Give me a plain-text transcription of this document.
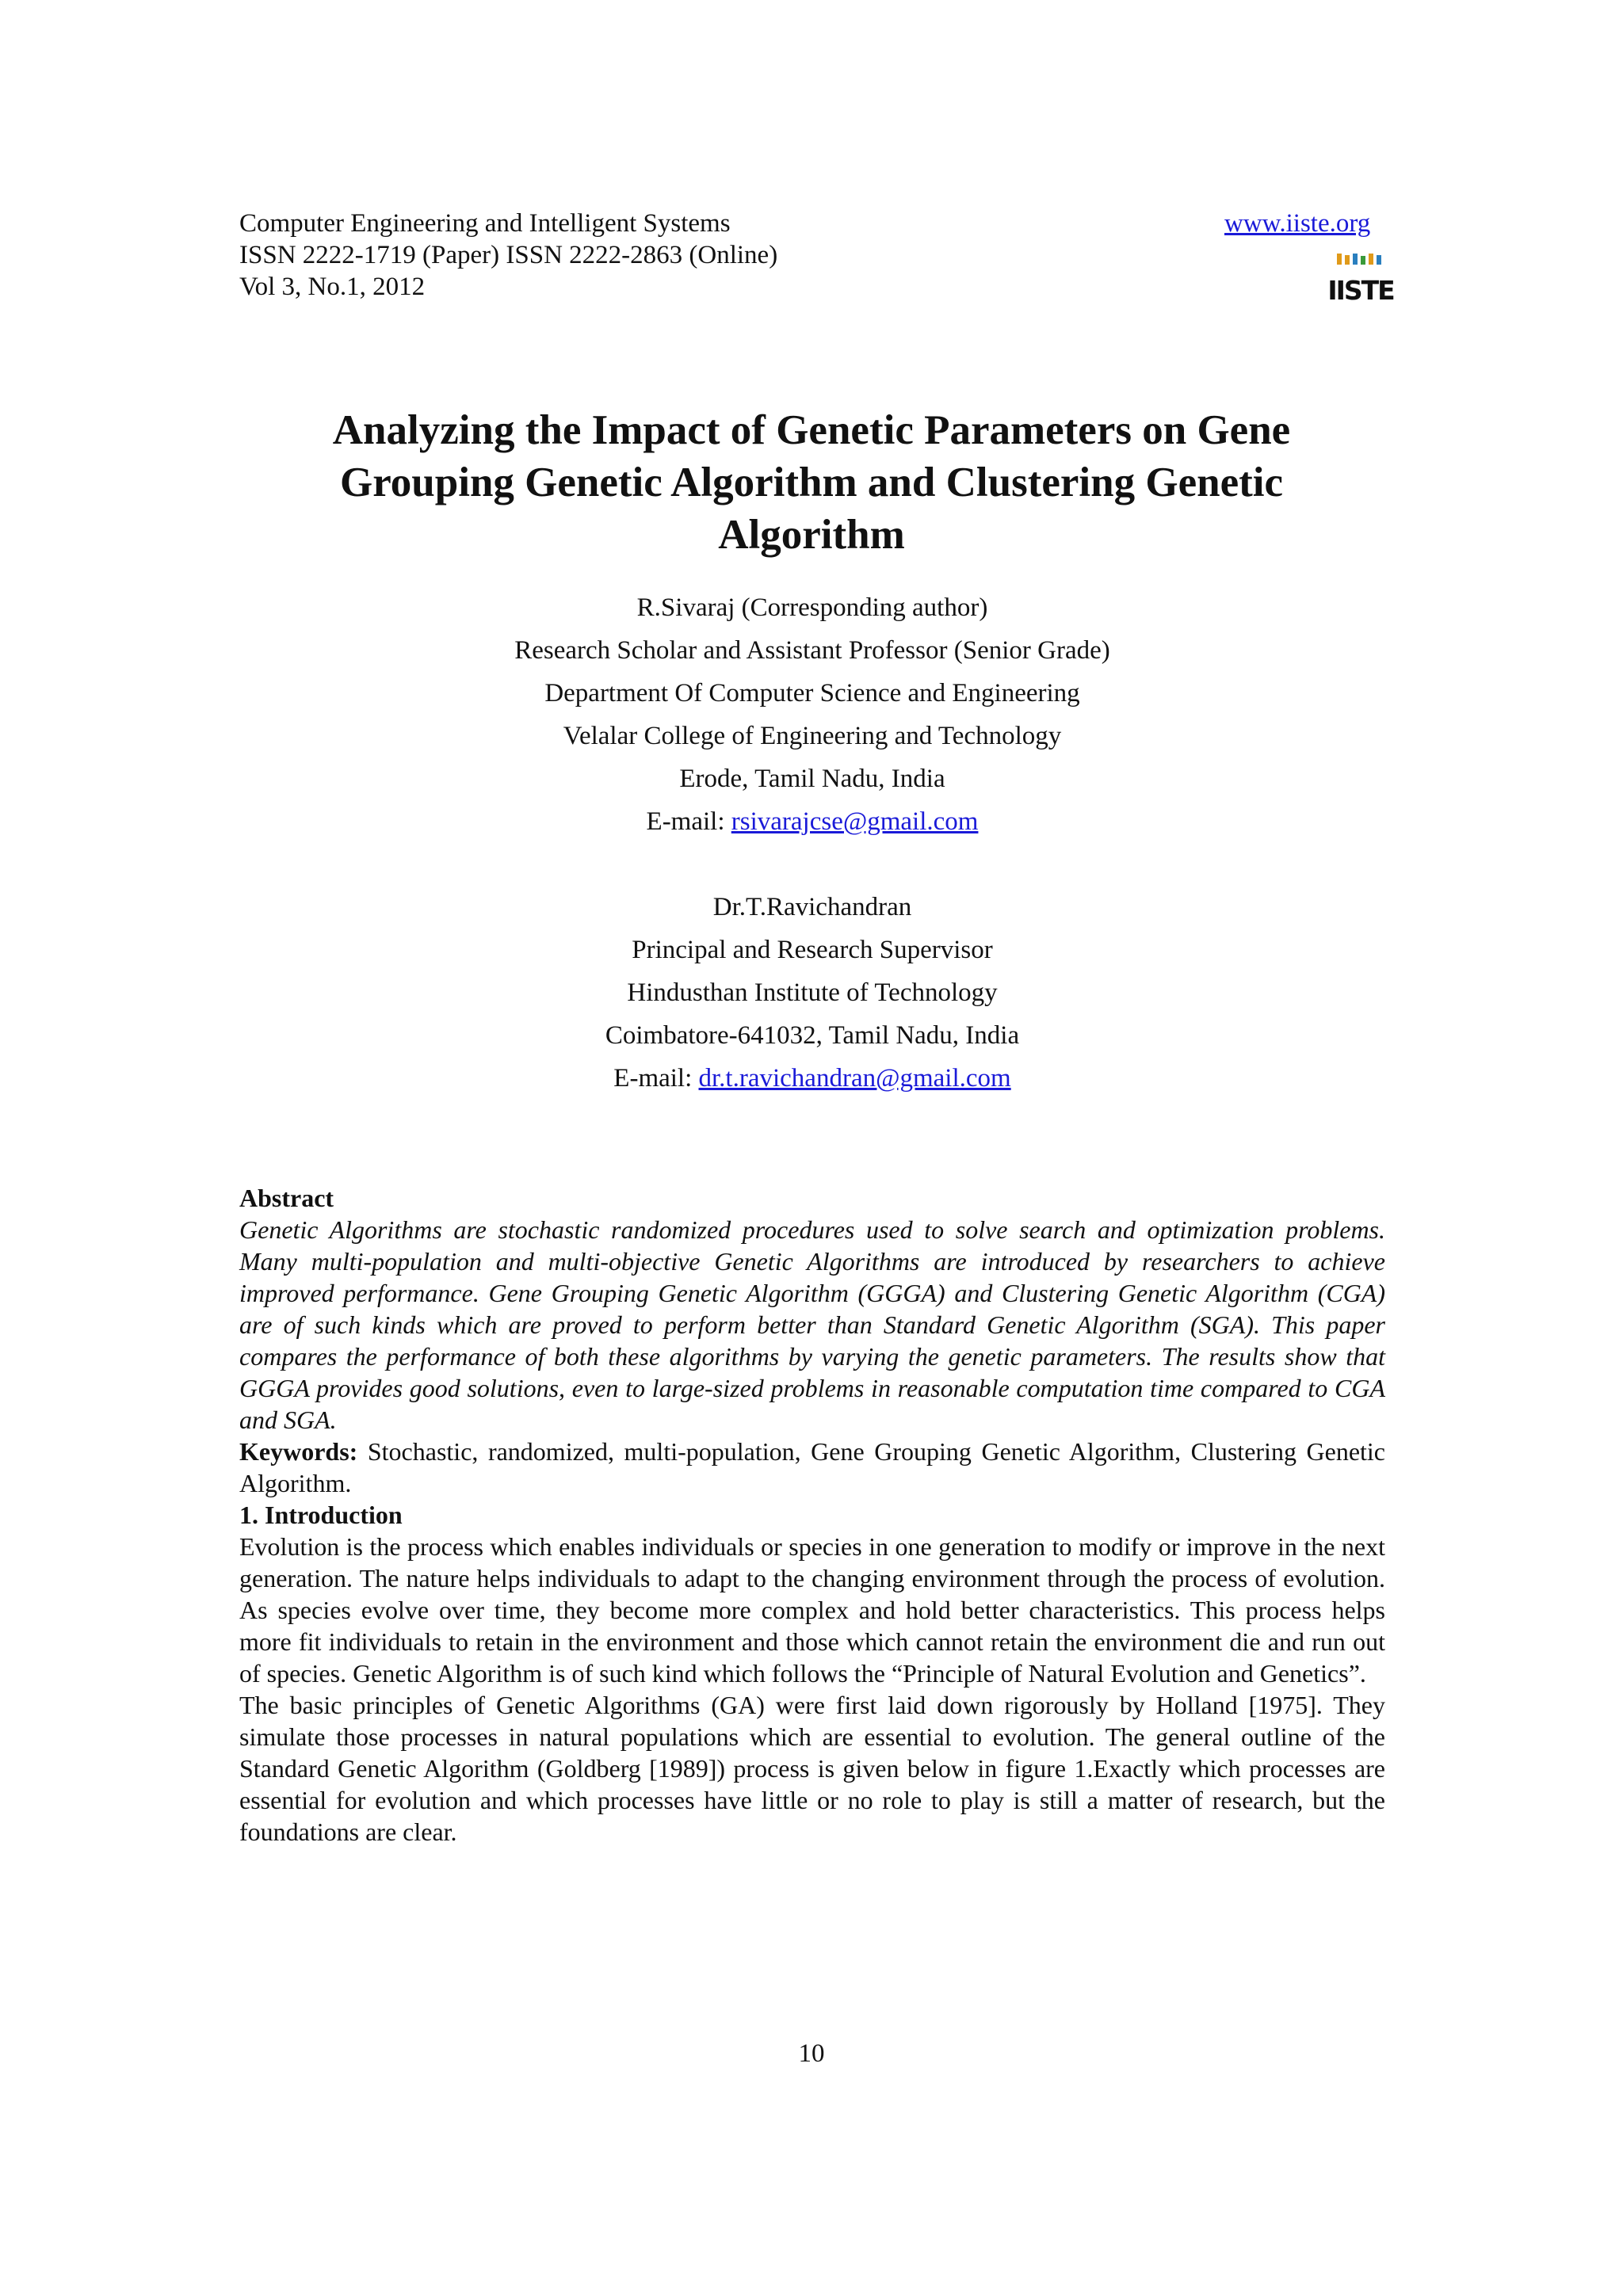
Computer Engineering and Intelligent Systems
ISSN 2222-1719 (Paper) ISSN 2222-2863 (Online)
Vol 3, No.1, 2012
www.iiste.org
IISTE
Analyzing the Impact of Genetic Parameters on Gene
Grouping Genetic Algorithm and Clustering Genetic
Algorithm
R.Sivaraj (Corresponding author)
Research Scholar and Assistant Professor (Senior Grade)
Department Of Computer Science and Engineering
Velalar College of Engineering and Technology
Erode, Tamil Nadu, India
E-mail: rsivarajcse@gmail.com
Dr.T.Ravichandran
Principal and Research Supervisor
Hindusthan Institute of Technology
Coimbatore-641032, Tamil Nadu, India
E-mail: dr.t.ravichandran@gmail.com

Abstract

Genetic Algorithms are stochastic randomized procedures used to solve search and optimization problems. Many multi-population and multi-objective Genetic Algorithms are introduced by researchers to achieve improved performance. Gene Grouping Genetic Algorithm (GGGA) and Clustering Genetic Algorithm (CGA) are of such kinds which are proved to perform better than Standard Genetic Algorithm (SGA). This paper compares the performance of both these algorithms by varying the genetic parameters. The results show that GGGA provides good solutions, even to large-sized problems in reasonable computation time compared to CGA and SGA.

Keywords: Stochastic, randomized, multi-population, Gene Grouping Genetic Algorithm, Clustering Genetic Algorithm.

1. Introduction

Evolution is the process which enables individuals or species in one generation to modify or improve in the next generation. The nature helps individuals to adapt to the changing environment through the process of evolution. As species evolve over time, they become more complex and hold better characteristics. This process helps more fit individuals to retain in the environment and those which cannot retain the environment die and run out of species. Genetic Algorithm is of such kind which follows the “Principle of Natural Evolution and Genetics”.

The basic principles of Genetic Algorithms (GA) were first laid down rigorously by Holland [1975]. They simulate those processes in natural populations which are essential to evolution. The general outline of the Standard Genetic Algorithm (Goldberg [1989]) process is given below in figure 1.Exactly which processes are essential for evolution and which processes have little or no role to play is still a matter of research, but the foundations are clear.

10
